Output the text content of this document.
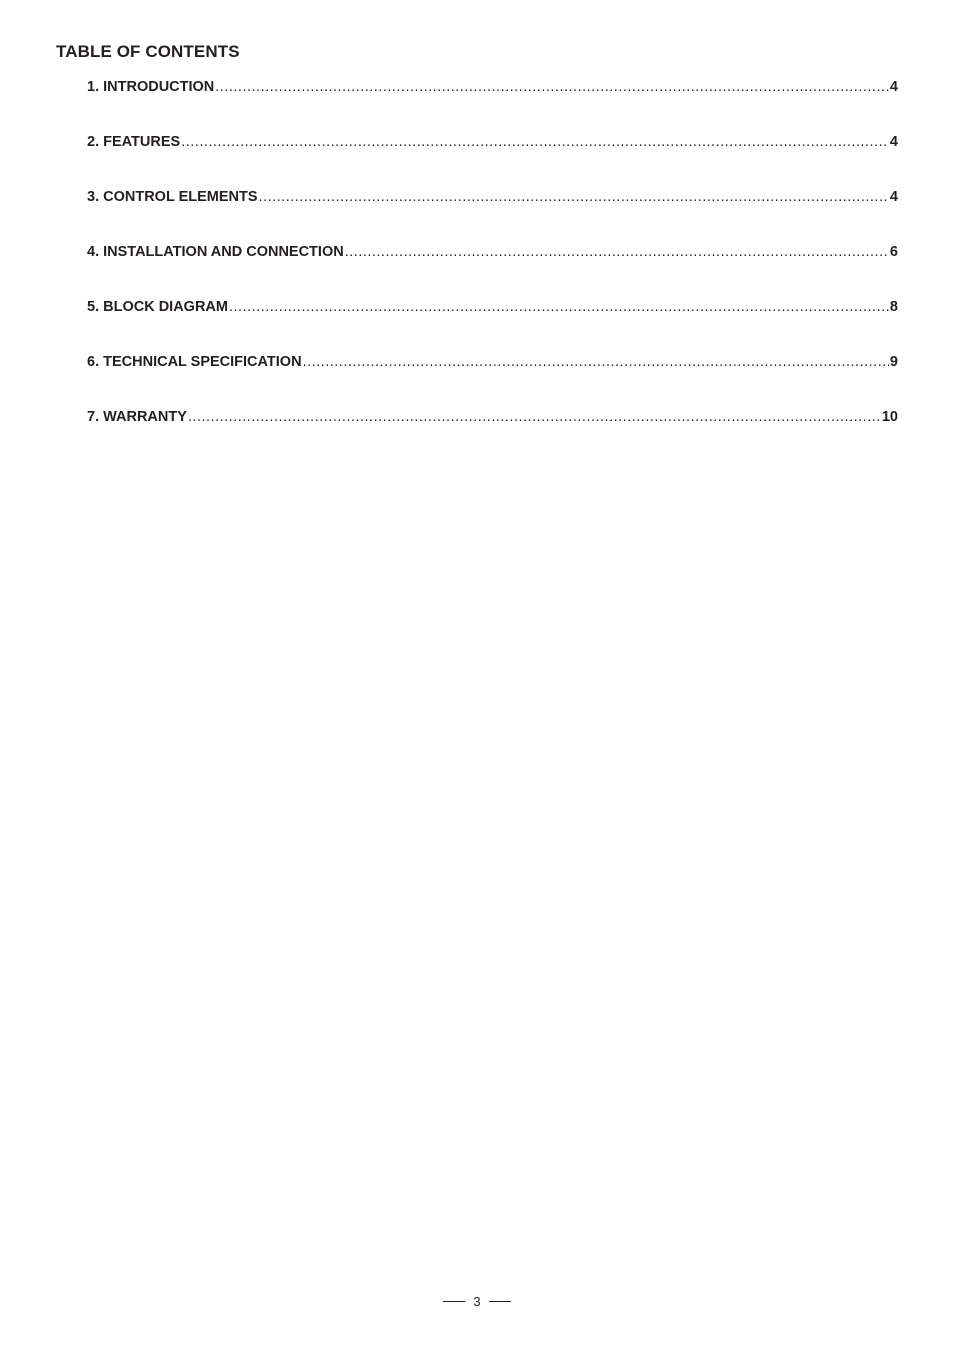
TABLE OF CONTENTS
1. INTRODUCTION .....	4
2. FEATURES .....	4
3. CONTROL ELEMENTS .....	4
4. INSTALLATION AND CONNECTION .....	6
5. BLOCK DIAGRAM .....	8
6. TECHNICAL SPECIFICATION .....	9
7. WARRANTY .....	10
3
